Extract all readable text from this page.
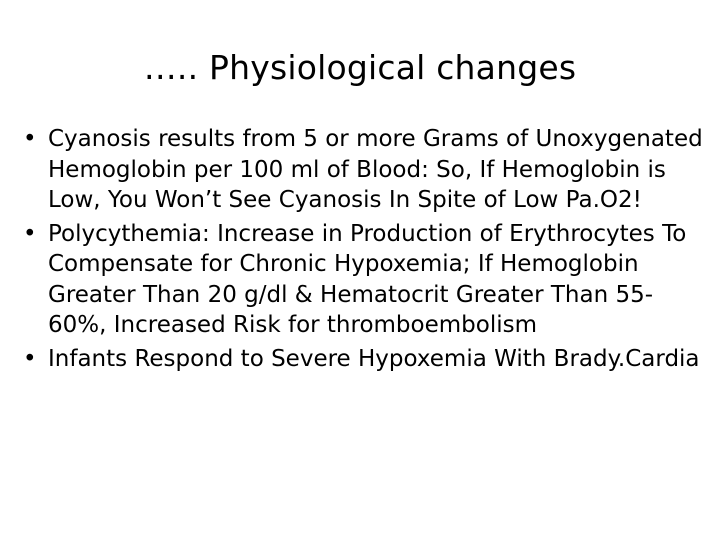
….. Physiological changes
• Cyanosis results from 5 or more Grams of Unoxygenated Hemoglobin per 100 ml of Blood: So, If Hemoglobin is Low, You Won’t See Cyanosis In Spite of Low Pa.O2!
• Polycythemia: Increase in Production of Erythrocytes To Compensate for Chronic Hypoxemia; If Hemoglobin Greater Than 20 g/dl & Hematocrit Greater Than 55-60%, Increased Risk for thromboembolism
• Infants Respond to Severe Hypoxemia With Brady.Cardia
